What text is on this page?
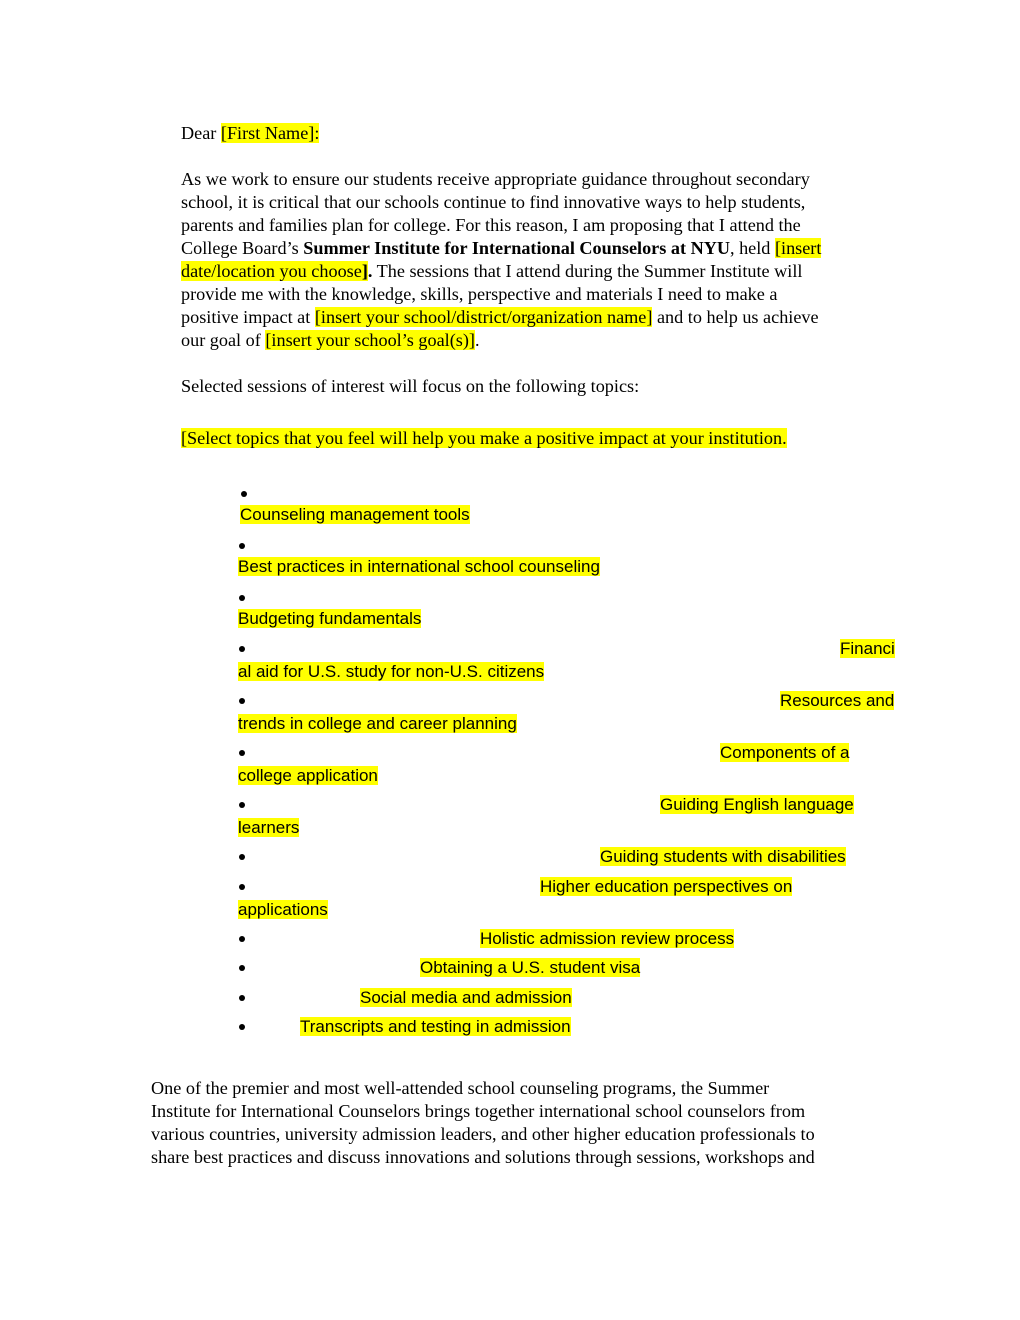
Dear [First Name]:
As we work to ensure our students receive appropriate guidance throughout secondary
school, it is critical that our schools continue to find innovative ways to help students,
parents and families plan for college. For this reason, I am proposing that I attend the
College Board’s Summer Institute for International Counselors at NYU, held [insert
date/location you choose]. The sessions that I attend during the Summer Institute will
provide me with the knowledge, skills, perspective and materials I need to make a
positive impact at [insert your school/district/organization name] and to help us achieve
our goal of [insert your school’s goal(s)].
Selected sessions of interest will focus on the following topics:
[Select topics that you feel will help you make a positive impact at your institution.
Counseling management tools
Best practices in international school counseling
Budgeting fundamentals
Financi
al aid for U.S. study for non-U.S. citizens
Resources and
trends in college and career planning
Components of a
college application
Guiding English language
learners
Guiding students with disabilities
Higher education perspectives on
applications
Holistic admission review process
Obtaining a U.S. student visa
Social media and admission
Transcripts and testing in admission
One of the premier and most well-attended school counseling programs, the Summer
Institute for International Counselors brings together international school counselors from
various countries, university admission leaders, and other higher education professionals to
share best practices and discuss innovations and solutions through sessions, workshops and
